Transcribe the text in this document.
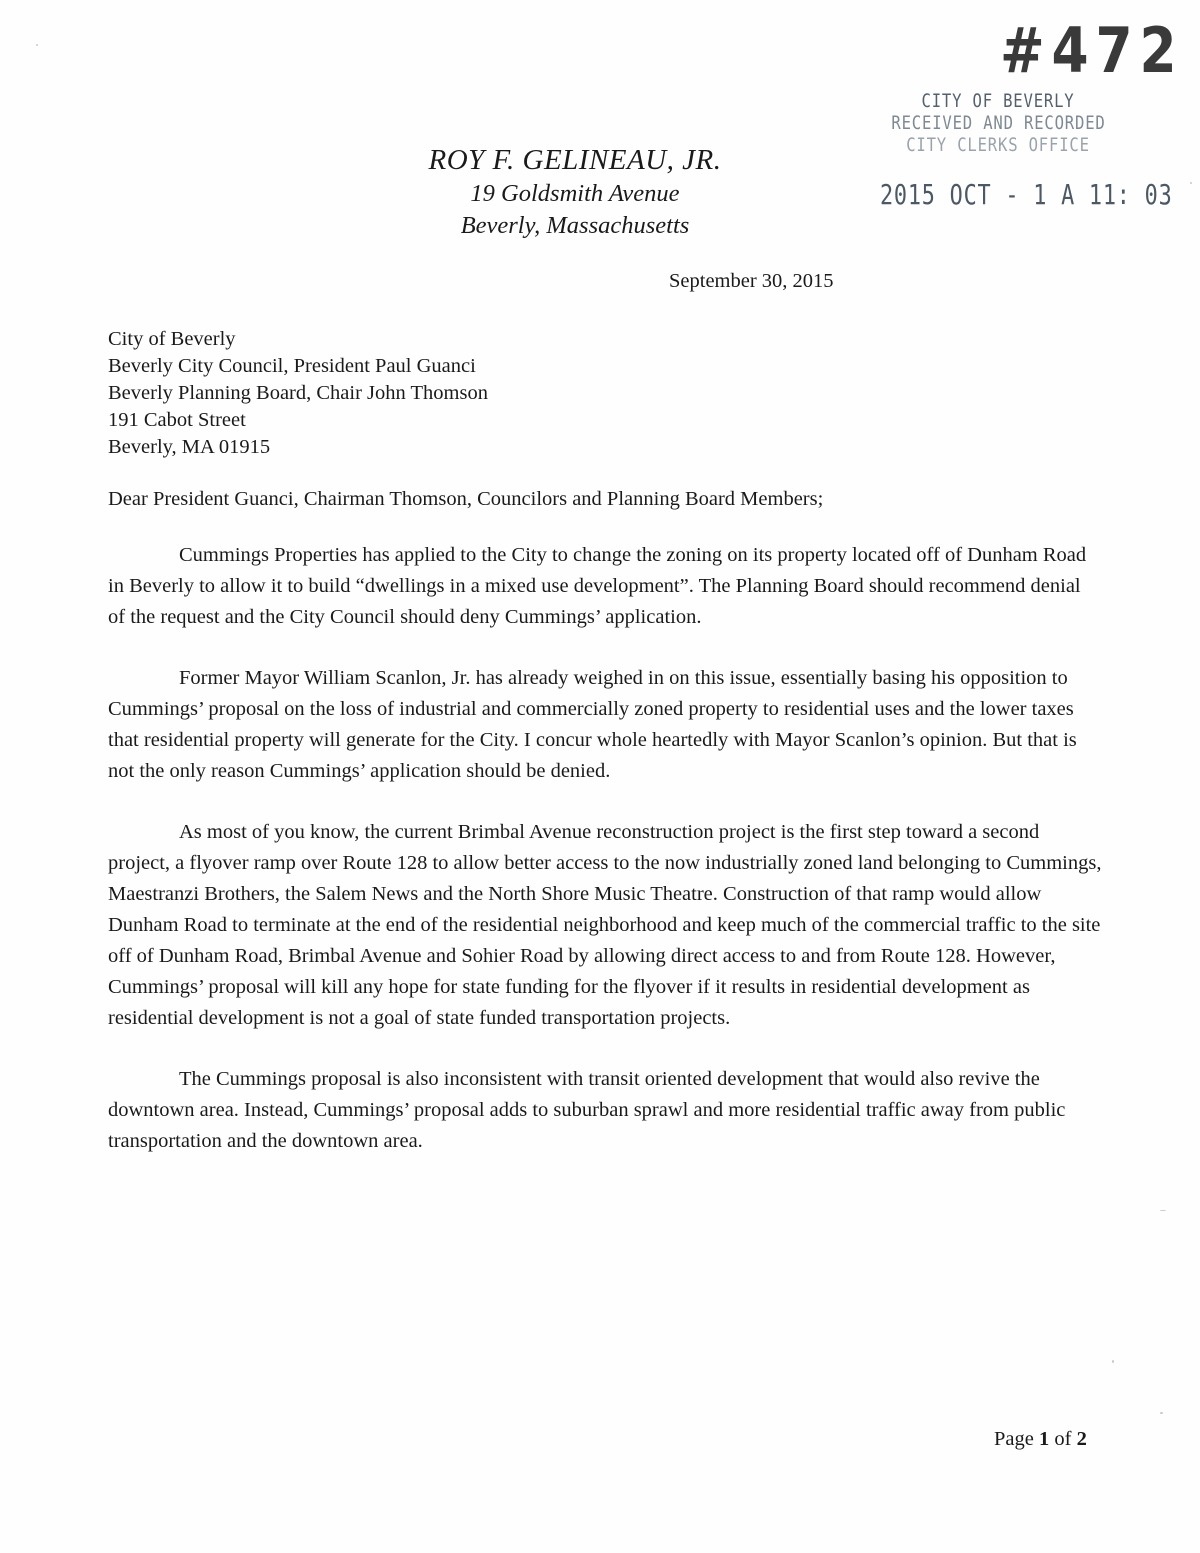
#472
CITY OF BEVERLY
RECEIVED AND RECORDED
CITY CLERKS OFFICE
2015 OCT - 1 A 11: 03
ROY F. GELINEAU, JR.
19 Goldsmith Avenue
Beverly, Massachusetts
September 30, 2015
City of Beverly
Beverly City Council, President Paul Guanci
Beverly Planning Board, Chair John Thomson
191 Cabot Street
Beverly, MA 01915
Dear President Guanci, Chairman Thomson, Councilors and Planning Board Members;

Cummings Properties has applied to the City to change the zoning on its property located off of Dunham Road in Beverly to allow it to build “dwellings in a mixed use development”. The Planning Board should recommend denial of the request and the City Council should deny Cummings’ application.

Former Mayor William Scanlon, Jr. has already weighed in on this issue, essentially basing his opposition to Cummings’ proposal on the loss of industrial and commercially zoned property to residential uses and the lower taxes that residential property will generate for the City. I concur whole heartedly with Mayor Scanlon’s opinion. But that is not the only reason Cummings’ application should be denied.

As most of you know, the current Brimbal Avenue reconstruction project is the first step toward a second project, a flyover ramp over Route 128 to allow better access to the now industrially zoned land belonging to Cummings, Maestranzi Brothers, the Salem News and the North Shore Music Theatre. Construction of that ramp would allow Dunham Road to terminate at the end of the residential neighborhood and keep much of the commercial traffic to the site off of Dunham Road, Brimbal Avenue and Sohier Road by allowing direct access to and from Route 128. However, Cummings’ proposal will kill any hope for state funding for the flyover if it results in residential development as residential development is not a goal of state funded transportation projects.

The Cummings proposal is also inconsistent with transit oriented development that would also revive the downtown area. Instead, Cummings’ proposal adds to suburban sprawl and more residential traffic away from public transportation and the downtown area.

Page 1 of 2
